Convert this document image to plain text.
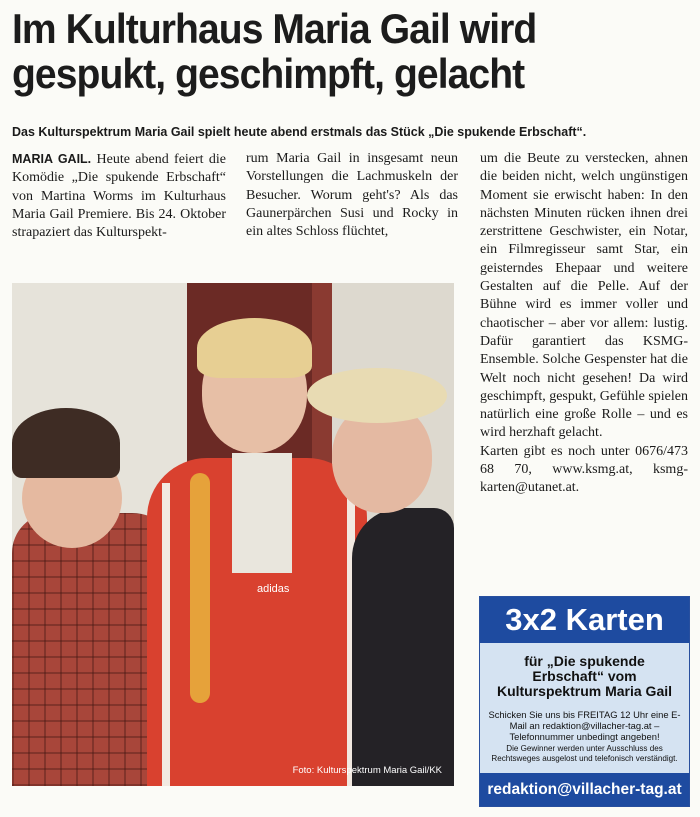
Im Kulturhaus Maria Gail wird gespukt, geschimpft, gelacht
Das Kulturspektrum Maria Gail spielt heute abend erstmals das Stück „Die spukende Erbschaft“.

MARIA GAIL. Heute abend feiert die Komödie „Die spukende Erbschaft“ von Martina Worms im Kulturhaus Maria Gail Premiere. Bis 24. Oktober strapaziert das Kulturspekt-

rum Maria Gail in insgesamt neun Vorstellungen die Lachmuskeln der Besucher. Worum geht's? Als das Gaunerpärchen Susi und Rocky in ein altes Schloss flüchtet,

um die Beute zu verstecken, ahnen die beiden nicht, welch ungünstigen Moment sie erwischt haben: In den nächsten Minuten rücken ihnen drei zerstrittene Geschwister, ein Notar, ein Filmregisseur samt Star, ein geisterndes Ehepaar und weitere Gestalten auf die Pelle. Auf der Bühne wird es immer voller und chaotischer – aber vor allem: lustig. Dafür garantiert das KSMG-Ensemble. Solche Gespenster hat die Welt noch nicht gesehen! Da wird geschimpft, gespukt, Gefühle spielen natürlich eine große Rolle – und es wird herzhaft gelacht.

Karten gibt es noch unter 0676/473 68 70, www.ksmg.at, ksmg-karten@utanet.at.

adidas
Foto: Kulturspektrum Maria Gail/KK
3x2 Karten
für „Die spukende Erbschaft“ vom Kulturspektrum Maria Gail
Schicken Sie uns bis FREITAG 12 Uhr eine E-Mail an redaktion@villacher-tag.at – Telefonnummer unbedingt angeben!
Die Gewinner werden unter Ausschluss des Rechtsweges ausgelost und telefonisch verständigt.
redaktion@villacher-tag.at
